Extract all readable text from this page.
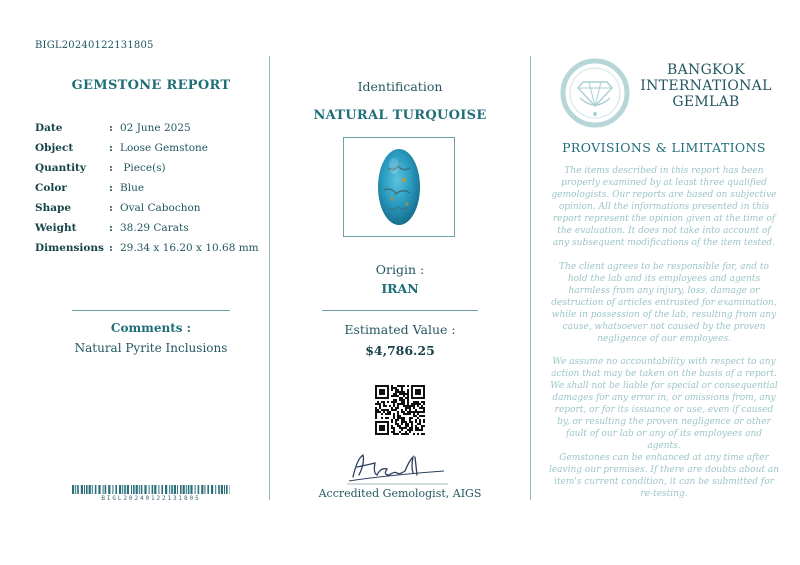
BIGL20240122131805
GEMSTONE REPORT
Date	: 02 June 2025
Object	: Loose Gemstone
Quantity	: Piece(s)
Color	: Blue
Shape	: Oval Cabochon
Weight	: 38.29 Carats
Dimensions : 29.34 x 16.20 x 10.68 mm
Comments :
Natural Pyrite Inclusions
BIGL20240122131805
Identification
NATURAL TURQUOISE
Origin :
IRAN
Estimated Value :
$4,786.25
Accredited Gemologist, AIGS
BANGKOK
INTERNATIONAL
GEMLAB
PROVISIONS & LIMITATIONS
The items described in this report has been properly examined by at least three qualified gemologists. Our reports are based on subjective opinion. All the informations presented in this report represent the opinion given at the time of the evaluation. It does not take into account of any subsequent modifications of the item tested.
The client agrees to be responsible for, and to hold the lab and its employees and agents harmless from any injury, loss, damage or destruction of articles entrusted for examination, while in possession of the lab, resulting from any cause, whatsoever not caused by the proven negligence of our employees.
We assume no accountability with respect to any action that may be taken on the basis of a report. We shall not be liable for special or consequential damages for any error in, or omissions from, any report, or for its issuance or use, even if caused by, or resulting the proven negligence or other fault of our lab or any of its employees and agents.
Gemstones can be enhanced at any time after leaving our premises. If there are doubts about an item's current condition, it can be submitted for re-testing.
